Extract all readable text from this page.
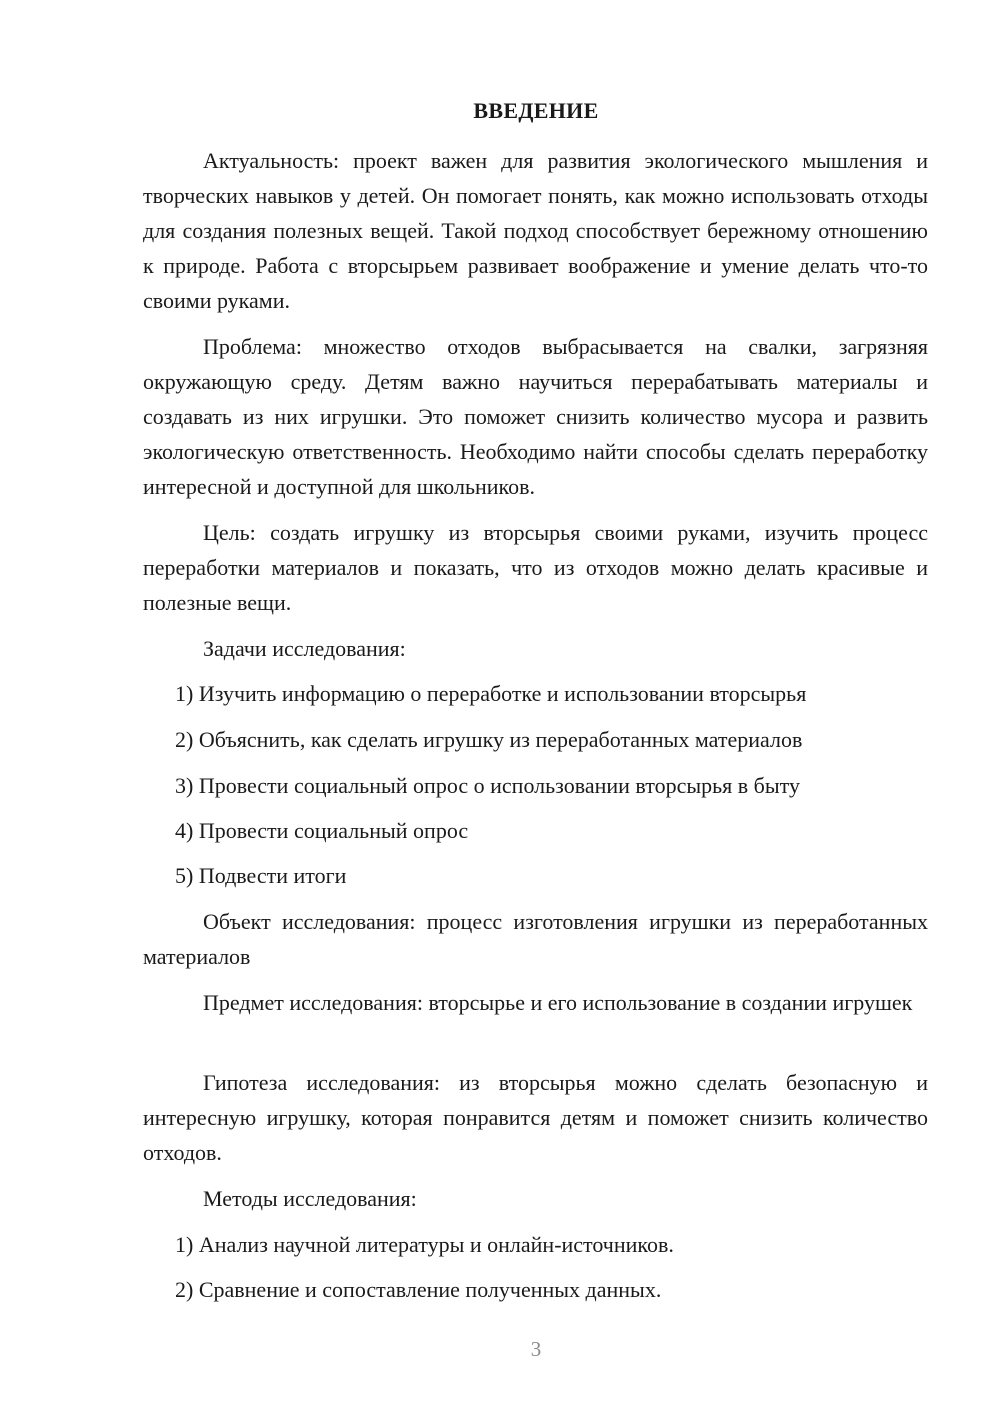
ВВЕДЕНИЕ

Актуальность: проект важен для развития экологического мышления и творческих навыков у детей. Он помогает понять, как можно использовать отходы для создания полезных вещей. Такой подход способствует бережному отношению к природе. Работа с вторсырьем развивает воображение и умение делать что-то своими руками.

Проблема: множество отходов выбрасывается на свалки, загрязняя окружающую среду. Детям важно научиться перерабатывать материалы и создавать из них игрушки. Это поможет снизить количество мусора и развить экологическую ответственность. Необходимо найти способы сделать переработку интересной и доступной для школьников.

Цель: создать игрушку из вторсырья своими руками, изучить процесс переработки материалов и показать, что из отходов можно делать красивые и полезные вещи.

Задачи исследования:

1) Изучить информацию о переработке и использовании вторсырья

2) Объяснить, как сделать игрушку из переработанных материалов

3) Провести социальный опрос о использовании вторсырья в быту

4) Провести социальный опрос

5) Подвести итоги

Объект исследования: процесс изготовления игрушки из переработанных материалов

Предмет исследования: вторсырье и его использование в создании игрушек

Гипотеза исследования: из вторсырья можно сделать безопасную и интересную игрушку, которая понравится детям и поможет снизить количество отходов.

Методы исследования:

1) Анализ научной литературы и онлайн-источников.

2) Сравнение и сопоставление полученных данных.

3
